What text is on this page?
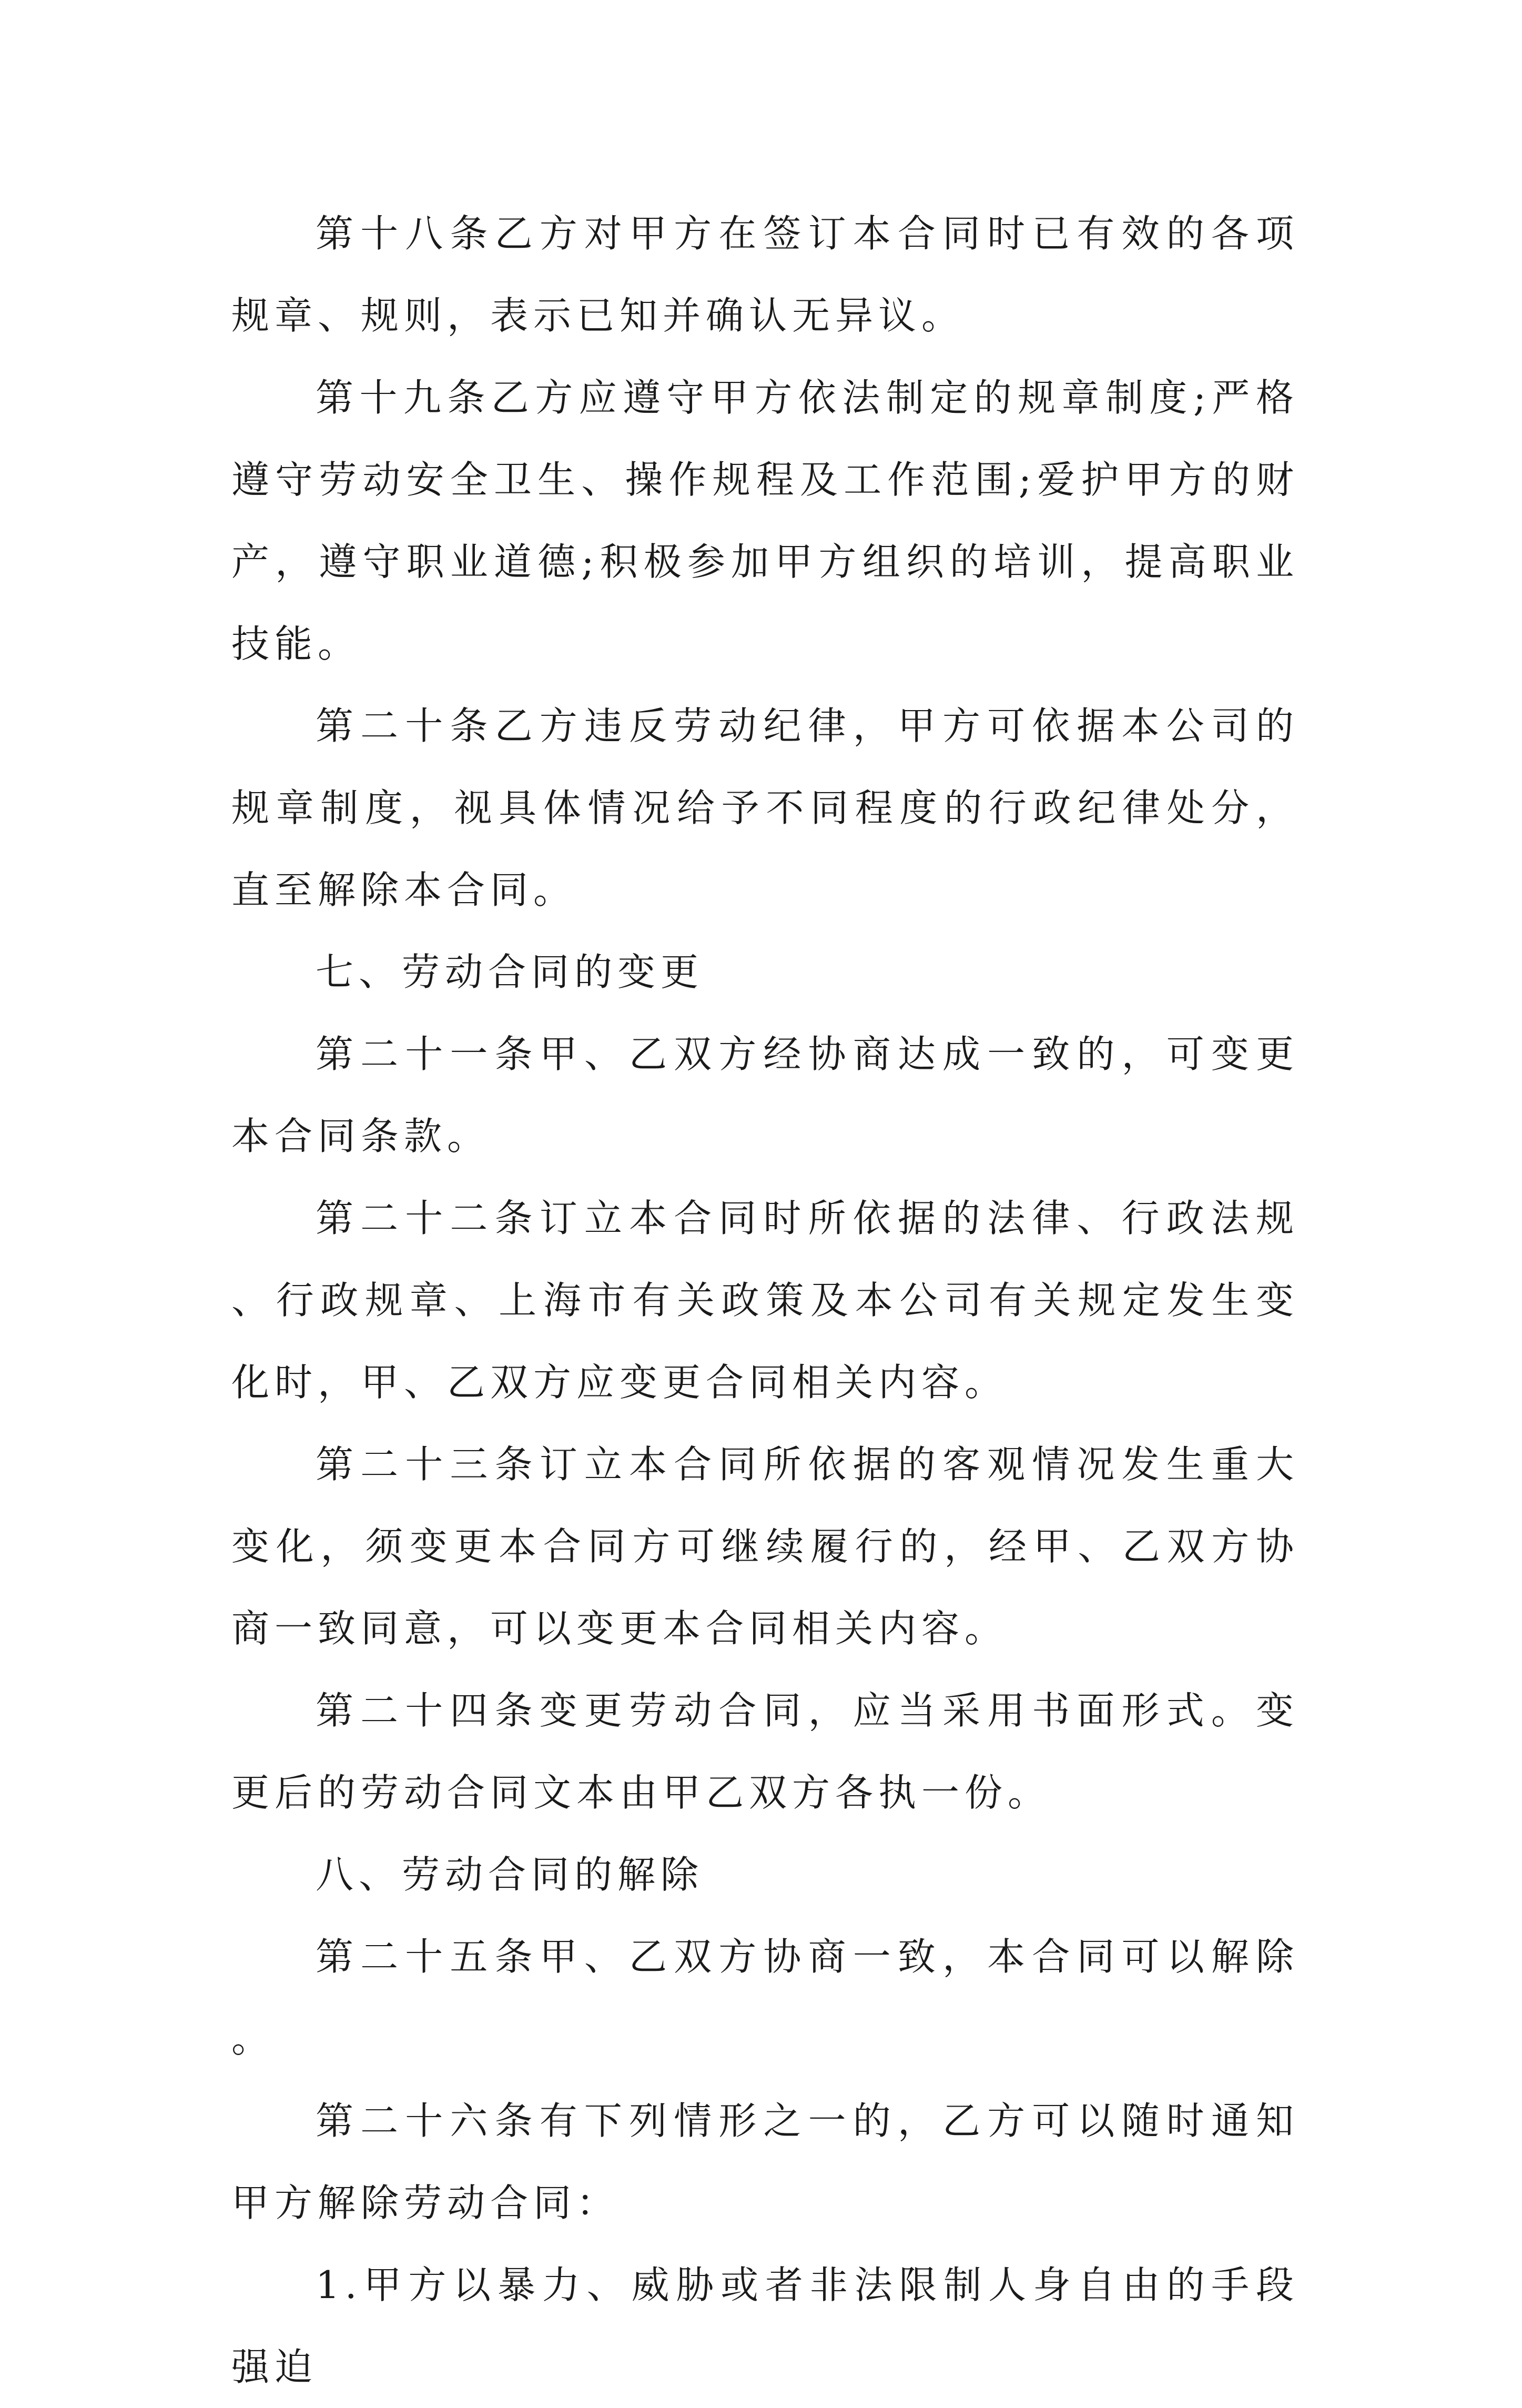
第十八条乙方对甲方在签订本合同时已有效的各项规章、规则，表示已知并确认无异议。

第十九条乙方应遵守甲方依法制定的规章制度;严格遵守劳动安全卫生、操作规程及工作范围;爱护甲方的财产，遵守职业道德;积极参加甲方组织的培训，提高职业技能。

第二十条乙方违反劳动纪律，甲方可依据本公司的规章制度，视具体情况给予不同程度的行政纪律处分，直至解除本合同。

七、劳动合同的变更

第二十一条甲、乙双方经协商达成一致的，可变更本合同条款。

第二十二条订立本合同时所依据的法律、行政法规、行政规章、上海市有关政策及本公司有关规定发生变化时，甲、乙双方应变更合同相关内容。

第二十三条订立本合同所依据的客观情况发生重大变化，须变更本合同方可继续履行的，经甲、乙双方协商一致同意，可以变更本合同相关内容。

第二十四条变更劳动合同，应当采用书面形式。变更后的劳动合同文本由甲乙双方各执一份。

八、劳动合同的解除

第二十五条甲、乙双方协商一致，本合同可以解除。

第二十六条有下列情形之一的，乙方可以随时通知甲方解除劳动合同：

1.甲方以暴力、威胁或者非法限制人身自由的手段强迫
